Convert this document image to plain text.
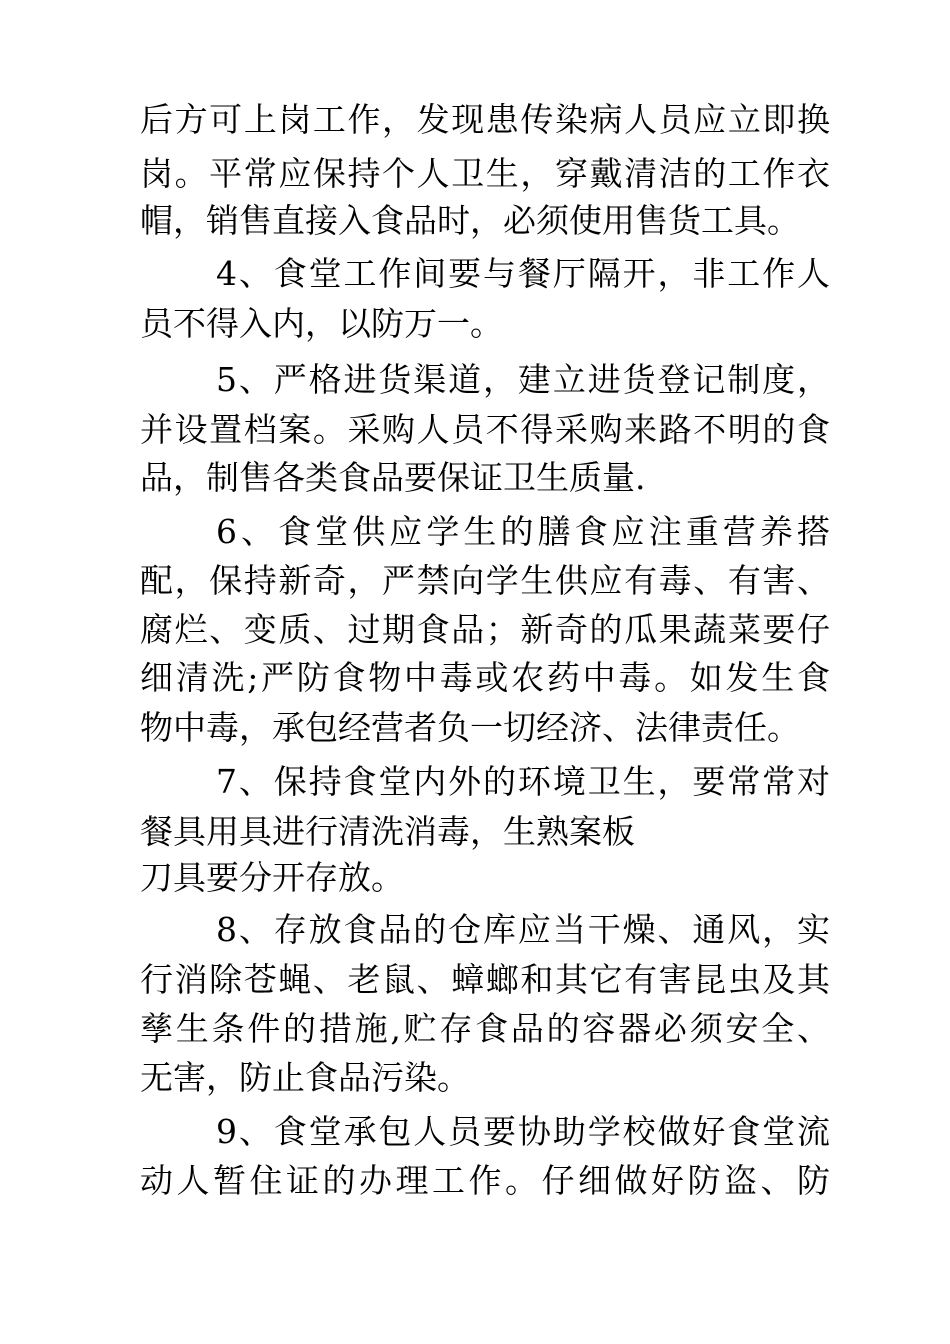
后方可上岗工作，发现患传染病人员应立即换
岗。平常应保持个人卫生，穿戴清洁的工作衣
帽，销售直接入食品时，必须使用售货工具。
4、食堂工作间要与餐厅隔开，非工作人
员不得入内，以防万一。
5、严格进货渠道，建立进货登记制度，
并设置档案。采购人员不得采购来路不明的食
品，制售各类食品要保证卫生质量.
6、食堂供应学生的膳食应注重营养搭
配，保持新奇，严禁向学生供应有毒、有害、
腐烂、变质、过期食品；新奇的瓜果蔬菜要仔
细清洗;严防食物中毒或农药中毒。如发生食
物中毒，承包经营者负一切经济、法律责任。
7、保持食堂内外的环境卫生，要常常对
餐具用具进行清洗消毒，生熟案板
刀具要分开存放。
8、存放食品的仓库应当干燥、通风，实
行消除苍蝇、老鼠、蟑螂和其它有害昆虫及其
孳生条件的措施,贮存食品的容器必须安全、
无害，防止食品污染。
9、食堂承包人员要协助学校做好食堂流
动人暂住证的办理工作。仔细做好防盗、防
